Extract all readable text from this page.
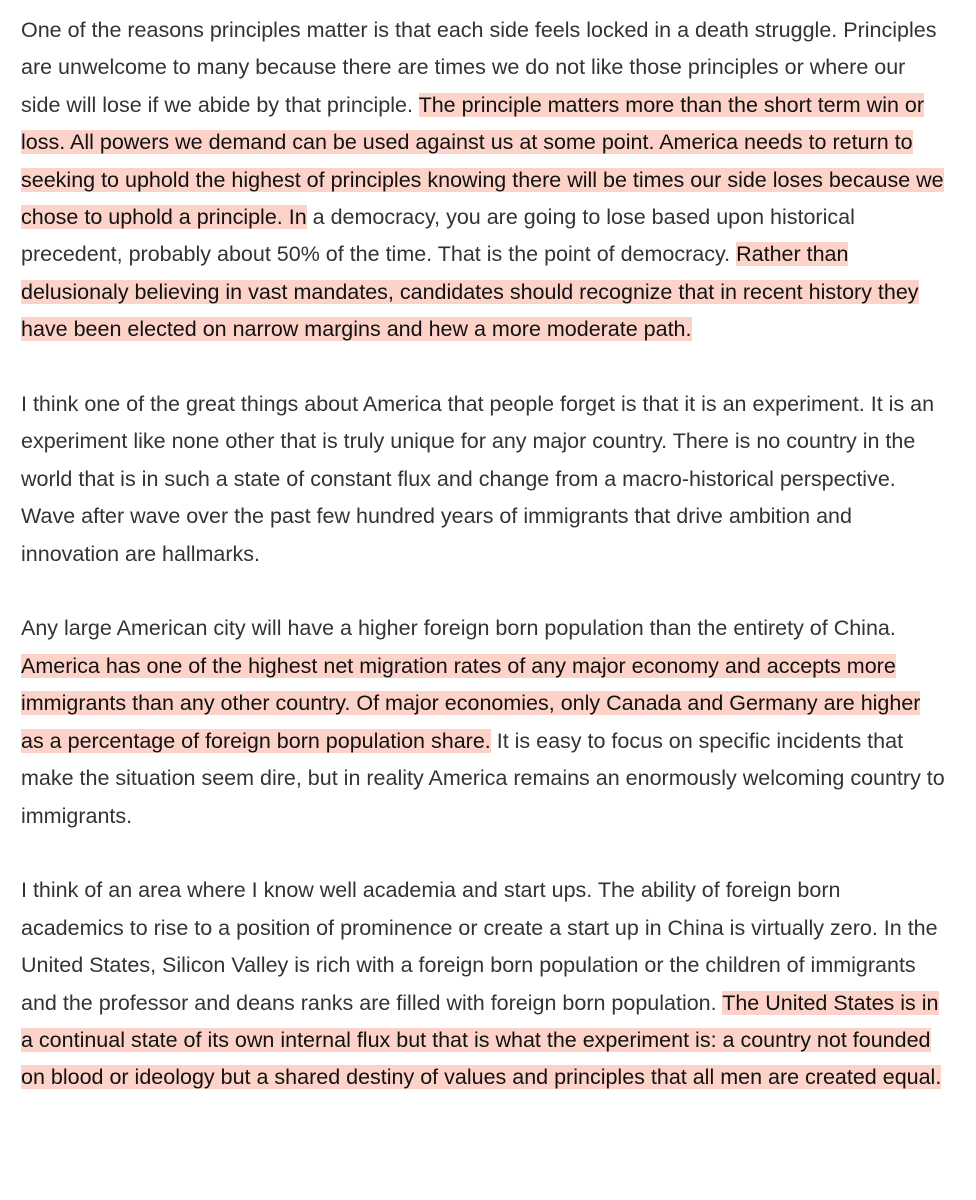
One of the reasons principles matter is that each side feels locked in a death struggle. Principles are unwelcome to many because there are times we do not like those principles or where our side will lose if we abide by that principle. The principle matters more than the short term win or loss. All powers we demand can be used against us at some point. America needs to return to seeking to uphold the highest of principles knowing there will be times our side loses because we chose to uphold a principle. In a democracy, you are going to lose based upon historical precedent, probably about 50% of the time. That is the point of democracy. Rather than delusionaly believing in vast mandates, candidates should recognize that in recent history they have been elected on narrow margins and hew a more moderate path.

I think one of the great things about America that people forget is that it is an experiment. It is an experiment like none other that is truly unique for any major country. There is no country in the world that is in such a state of constant flux and change from a macro-historical perspective. Wave after wave over the past few hundred years of immigrants that drive ambition and innovation are hallmarks.

Any large American city will have a higher foreign born population than the entirety of China. America has one of the highest net migration rates of any major economy and accepts more immigrants than any other country. Of major economies, only Canada and Germany are higher as a percentage of foreign born population share. It is easy to focus on specific incidents that make the situation seem dire, but in reality America remains an enormously welcoming country to immigrants.

I think of an area where I know well academia and start ups. The ability of foreign born academics to rise to a position of prominence or create a start up in China is virtually zero. In the United States, Silicon Valley is rich with a foreign born population or the children of immigrants and the professor and deans ranks are filled with foreign born population. The United States is in a continual state of its own internal flux but that is what the experiment is: a country not founded on blood or ideology but a shared destiny of values and principles that all men are created equal.
